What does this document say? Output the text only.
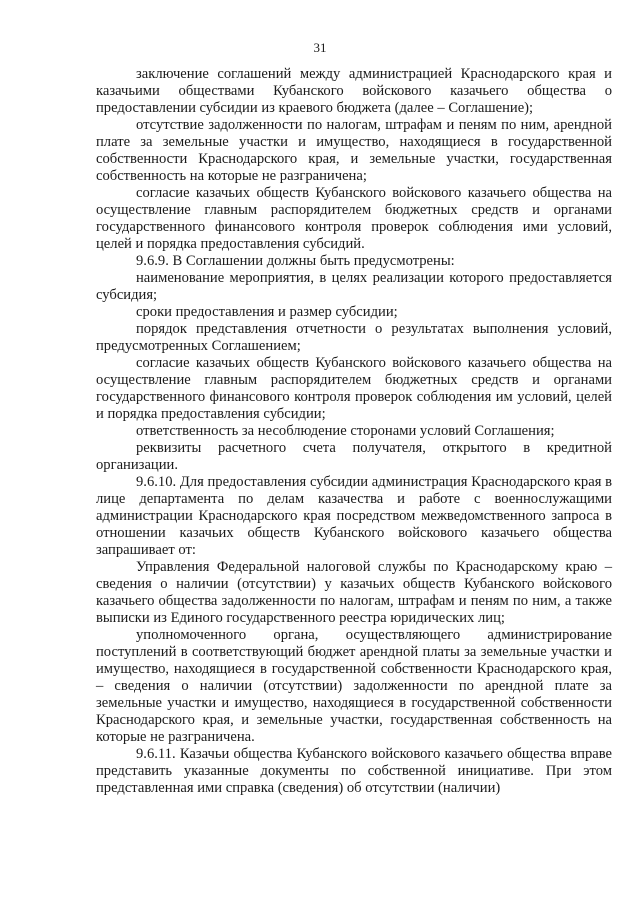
31

заключение соглашений между администрацией Краснодарского края и казачьими обществами Кубанского войскового казачьего общества о предоставлении субсидии из краевого бюджета (далее – Соглашение);

отсутствие задолженности по налогам, штрафам и пеням по ним, арендной плате за земельные участки и имущество, находящиеся в государственной собственности Краснодарского края, и земельные участки, государственная собственность на которые не разграничена;

согласие казачьих обществ Кубанского войскового казачьего общества на осуществление главным распорядителем бюджетных средств и органами государственного финансового контроля проверок соблюдения ими условий, целей и порядка предоставления субсидий.

9.6.9. В Соглашении должны быть предусмотрены:

наименование мероприятия, в целях реализации которого предоставляется субсидия;

сроки предоставления и размер субсидии;

порядок представления отчетности о результатах выполнения условий, предусмотренных Соглашением;

согласие казачьих обществ Кубанского войскового казачьего общества на осуществление главным распорядителем бюджетных средств и органами государственного финансового контроля проверок соблюдения им условий, целей и порядка предоставления субсидии;

ответственность за несоблюдение сторонами условий Соглашения;

реквизиты расчетного счета получателя, открытого в кредитной организации.

9.6.10. Для предоставления субсидии администрация Краснодарского края в лице департамента по делам казачества и работе с военнослужащими администрации Краснодарского края посредством межведомственного запроса в отношении казачьих обществ Кубанского войскового казачьего общества запрашивает от:

Управления Федеральной налоговой службы по Краснодарскому краю – сведения о наличии (отсутствии) у казачьих обществ Кубанского войскового казачьего общества задолженности по налогам, штрафам и пеням по ним, а также выписки из Единого государственного реестра юридических лиц;

уполномоченного органа, осуществляющего администрирование поступлений в соответствующий бюджет арендной платы за земельные участки и имущество, находящиеся в государственной собственности Краснодарского края, – сведения о наличии (отсутствии) задолженности по арендной плате за земельные участки и имущество, находящиеся в государственной собственности Краснодарского края, и земельные участки, государственная собственность на которые не разграничена.

9.6.11. Казачьи общества Кубанского войскового казачьего общества вправе представить указанные документы по собственной инициативе. При этом представленная ими справка (сведения) об отсутствии (наличии)
